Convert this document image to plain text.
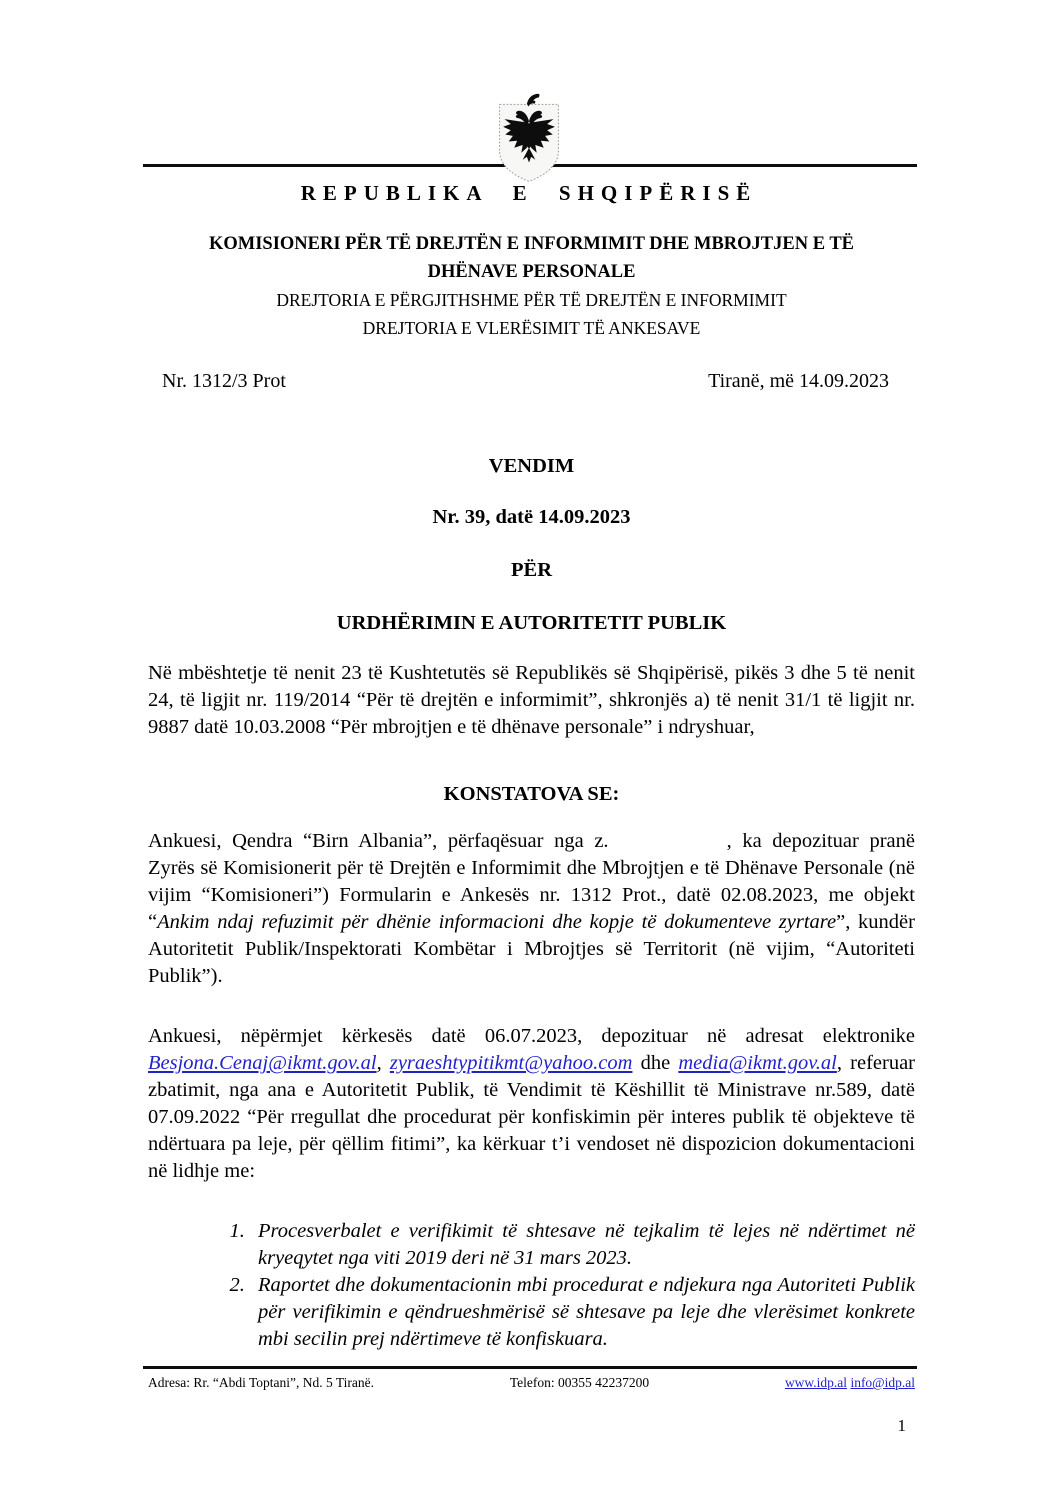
REPUBLIKA E SHQIPËRISË
KOMISIONERI PËR TË DREJTËN E INFORMIMIT DHE MBROJTJEN E TË
DHËNAVE PERSONALE
DREJTORIA E PËRGJITHSHME PËR TË DREJTËN E INFORMIMIT
DREJTORIA E VLERËSIMIT TË ANKESAVE
Nr. 1312/3 Prot	Tiranë, më 14.09.2023
VENDIM
Nr. 39, datë 14.09.2023
PËR
URDHËRIMIN E AUTORITETIT PUBLIK
Në mbështetje të nenit 23 të Kushtetutës së Republikës së Shqipërisë, pikës 3 dhe 5 të nenit 24, të ligjit nr. 119/2014 “Për të drejtën e informimit”, shkronjës a) të nenit 31/1 të ligjit nr. 9887 datë 10.03.2008 “Për mbrojtjen e të dhënave personale” i ndryshuar,
KONSTATOVA SE:
Ankuesi, Qendra “Birn Albania”, përfaqësuar nga z.	, ka depozituar pranë Zyrës së Komisionerit për të Drejtën e Informimit dhe Mbrojtjen e të Dhënave Personale (në vijim “Komisioneri”) Formularin e Ankesës nr. 1312 Prot., datë 02.08.2023, me objekt “Ankim ndaj refuzimit për dhënie informacioni dhe kopje të dokumenteve zyrtare”, kundër Autoritetit Publik/Inspektorati Kombëtar i Mbrojtjes së Territorit (në vijim, “Autoriteti Publik”).
Ankuesi, nëpërmjet kërkesës datë 06.07.2023, depozituar në adresat elektronike Besjona.Cenaj@ikmt.gov.al, zyraeshtypitikmt@yahoo.com dhe media@ikmt.gov.al, referuar zbatimit, nga ana e Autoritetit Publik, të Vendimit të Këshillit të Ministrave nr.589, datë 07.09.2022 “Për rregullat dhe procedurat për konfiskimin për interes publik të objekteve të ndërtuara pa leje, për qëllim fitimi”, ka kërkuar t’i vendoset në dispozicion dokumentacioni në lidhje me:
1. Procesverbalet e verifikimit të shtesave në tejkalim të lejes në ndërtimet në kryeqytet nga viti 2019 deri në 31 mars 2023.
2. Raportet dhe dokumentacionin mbi procedurat e ndjekura nga Autoriteti Publik për verifikimin e qëndrueshmërisë së shtesave pa leje dhe vlerësimet konkrete mbi secilin prej ndërtimeve të konfiskuara.
Adresa: Rr. “Abdi Toptani”, Nd. 5 Tiranë.	Telefon: 00355 42237200	www.idp.al info@idp.al
1
